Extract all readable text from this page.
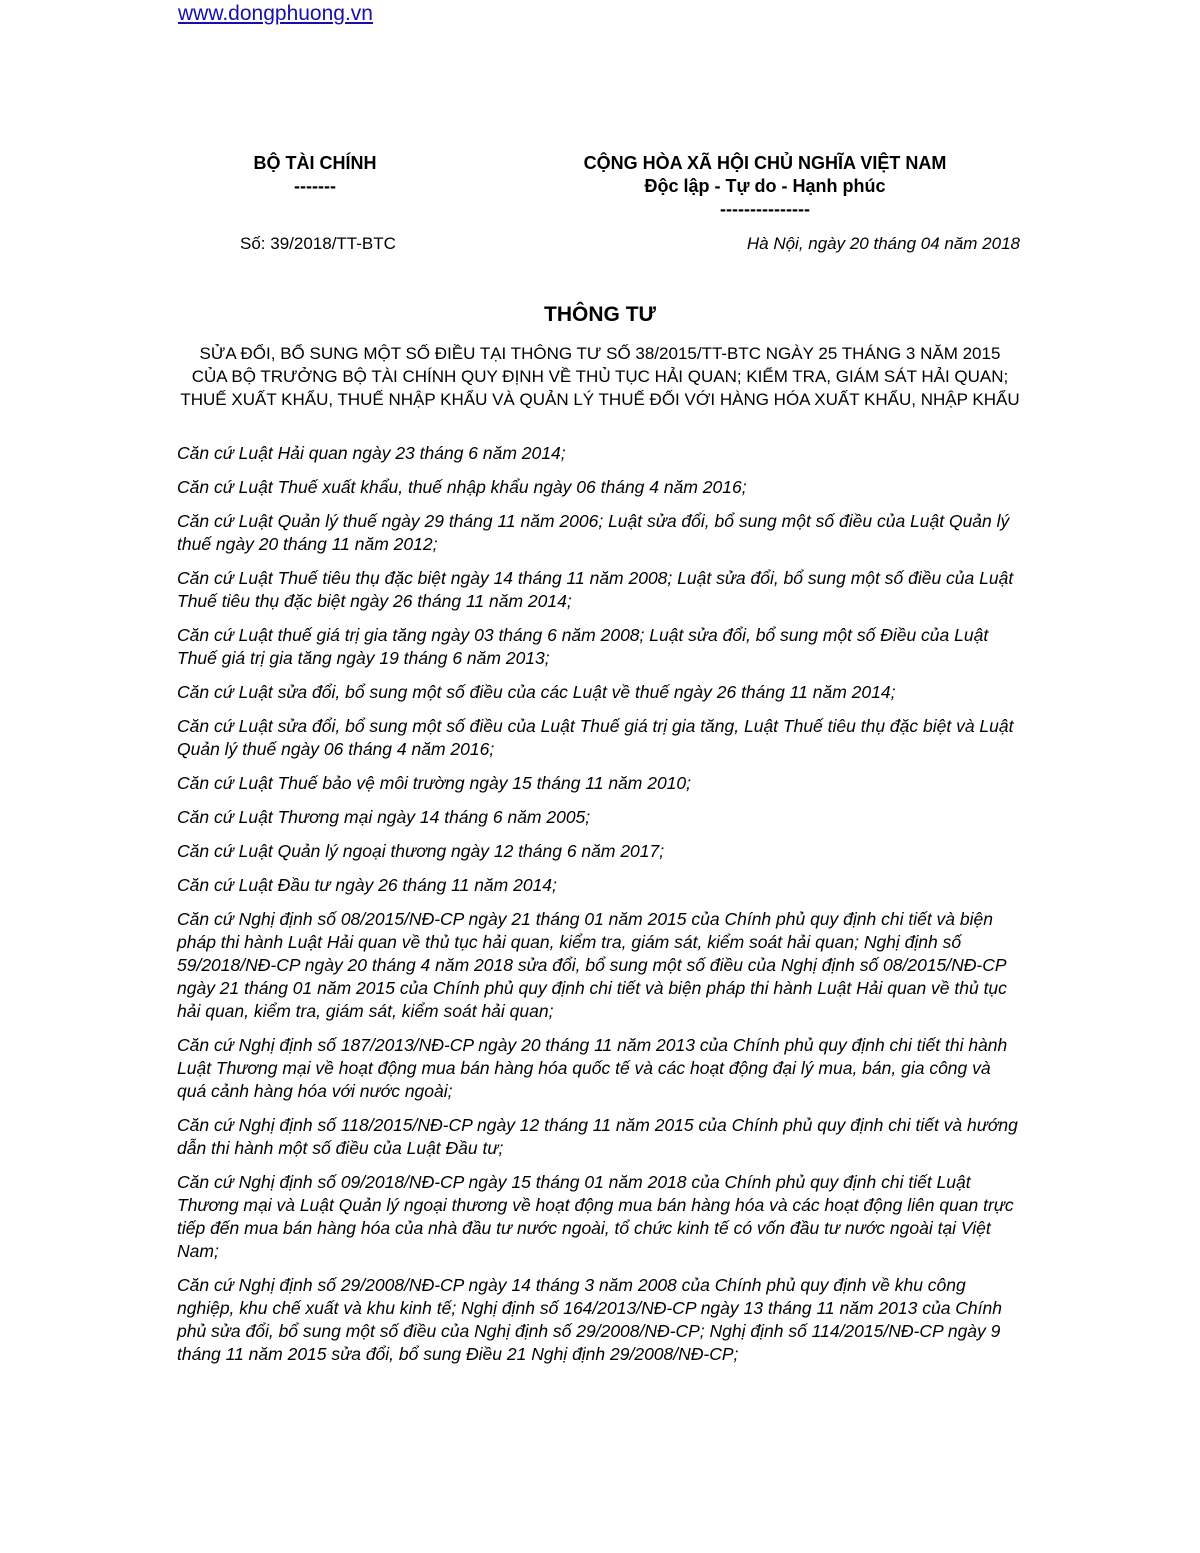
www.dongphuong.vn
BỘ TÀI CHÍNH
-------
CỘNG HÒA XÃ HỘI CHỦ NGHĨA VIỆT NAM
Độc lập - Tự do - Hạnh phúc
---------------
Số: 39/2018/TT-BTC	Hà Nội, ngày 20 tháng 04 năm 2018
THÔNG TƯ
SỬA ĐỔI, BỔ SUNG MỘT SỐ ĐIỀU TẠI THÔNG TƯ SỐ 38/2015/TT-BTC NGÀY 25 THÁNG 3 NĂM 2015 CỦA BỘ TRƯỞNG BỘ TÀI CHÍNH QUY ĐỊNH VỀ THỦ TỤC HẢI QUAN; KIỂM TRA, GIÁM SÁT HẢI QUAN; THUẾ XUẤT KHẨU, THUẾ NHẬP KHẨU VÀ QUẢN LÝ THUẾ ĐỐI VỚI HÀNG HÓA XUẤT KHẨU, NHẬP KHẨU

Căn cứ Luật Hải quan ngày 23 tháng 6 năm 2014;

Căn cứ Luật Thuế xuất khẩu, thuế nhập khẩu ngày 06 tháng 4 năm 2016;

Căn cứ Luật Quản lý thuế ngày 29 tháng 11 năm 2006; Luật sửa đổi, bổ sung một số điều của Luật Quản lý thuế ngày 20 tháng 11 năm 2012;

Căn cứ Luật Thuế tiêu thụ đặc biệt ngày 14 tháng 11 năm 2008; Luật sửa đổi, bổ sung một số điều của Luật Thuế tiêu thụ đặc biệt ngày 26 tháng 11 năm 2014;

Căn cứ Luật thuế giá trị gia tăng ngày 03 tháng 6 năm 2008; Luật sửa đổi, bổ sung một số Điều của Luật Thuế giá trị gia tăng ngày 19 tháng 6 năm 2013;

Căn cứ Luật sửa đổi, bổ sung một số điều của các Luật về thuế ngày 26 tháng 11 năm 2014;

Căn cứ Luật sửa đổi, bổ sung một số điều của Luật Thuế giá trị gia tăng, Luật Thuế tiêu thụ đặc biệt và Luật Quản lý thuế ngày 06 tháng 4 năm 2016;

Căn cứ Luật Thuế bảo vệ môi trường ngày 15 tháng 11 năm 2010;

Căn cứ Luật Thương mại ngày 14 tháng 6 năm 2005;

Căn cứ Luật Quản lý ngoại thương ngày 12 tháng 6 năm 2017;

Căn cứ Luật Đầu tư ngày 26 tháng 11 năm 2014;

Căn cứ Nghị định số 08/2015/NĐ-CP ngày 21 tháng 01 năm 2015 của Chính phủ quy định chi tiết và biện pháp thi hành Luật Hải quan về thủ tục hải quan, kiểm tra, giám sát, kiểm soát hải quan; Nghị định số 59/2018/NĐ-CP ngày 20 tháng 4 năm 2018 sửa đổi, bổ sung một số điều của Nghị định số 08/2015/NĐ-CP ngày 21 tháng 01 năm 2015 của Chính phủ quy định chi tiết và biện pháp thi hành Luật Hải quan về thủ tục hải quan, kiểm tra, giám sát, kiểm soát hải quan;

Căn cứ Nghị định số 187/2013/NĐ-CP ngày 20 tháng 11 năm 2013 của Chính phủ quy định chi tiết thi hành Luật Thương mại về hoạt động mua bán hàng hóa quốc tế và các hoạt động đại lý mua, bán, gia công và quá cảnh hàng hóa với nước ngoài;

Căn cứ Nghị định số 118/2015/NĐ-CP ngày 12 tháng 11 năm 2015 của Chính phủ quy định chi tiết và hướng dẫn thi hành một số điều của Luật Đầu tư;

Căn cứ Nghị định số 09/2018/NĐ-CP ngày 15 tháng 01 năm 2018 của Chính phủ quy định chi tiết Luật Thương mại và Luật Quản lý ngoại thương về hoạt động mua bán hàng hóa và các hoạt động liên quan trực tiếp đến mua bán hàng hóa của nhà đầu tư nước ngoài, tổ chức kinh tế có vốn đầu tư nước ngoài tại Việt Nam;

Căn cứ Nghị định số 29/2008/NĐ-CP ngày 14 tháng 3 năm 2008 của Chính phủ quy định về khu công nghiệp, khu chế xuất và khu kinh tế; Nghị định số 164/2013/NĐ-CP ngày 13 tháng 11 năm 2013 của Chính phủ sửa đổi, bổ sung một số điều của Nghị định số 29/2008/NĐ-CP; Nghị định số 114/2015/NĐ-CP ngày 9 tháng 11 năm 2015 sửa đổi, bổ sung Điều 21 Nghị định 29/2008/NĐ-CP;
